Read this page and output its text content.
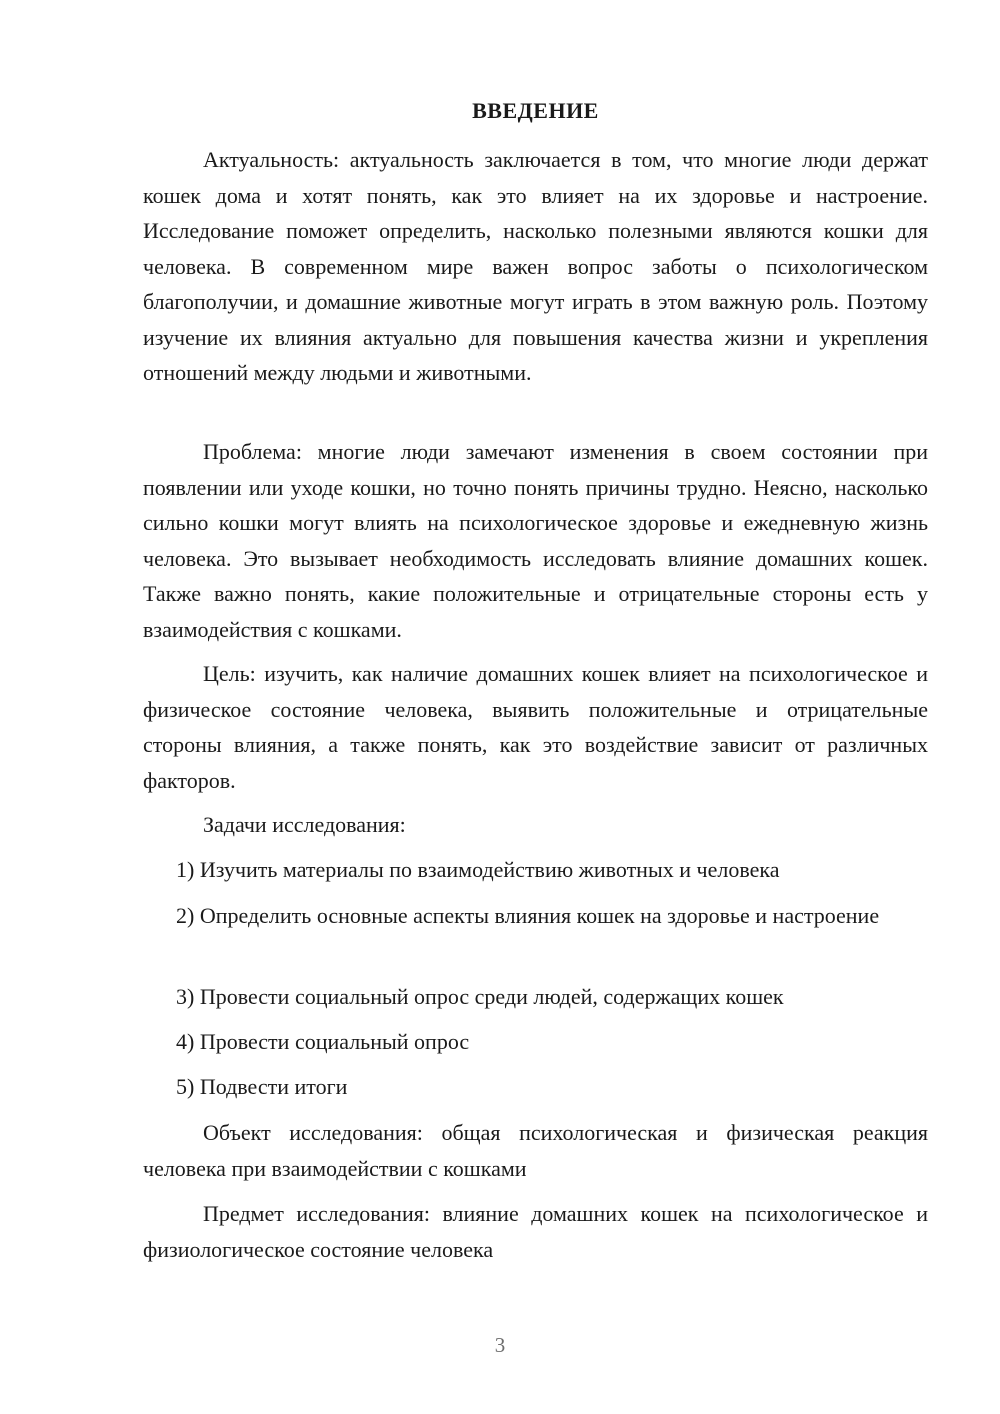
ВВЕДЕНИЕ

Актуальность: актуальность заключается в том, что многие люди держат кошек дома и хотят понять, как это влияет на их здоровье и настроение. Исследование поможет определить, насколько полезными являются кошки для человека. В современном мире важен вопрос заботы о психологическом благополучии, и домашние животные могут играть в этом важную роль. Поэтому изучение их влияния актуально для повышения качества жизни и укрепления отношений между людьми и животными.

Проблема: многие люди замечают изменения в своем состоянии при появлении или уходе кошки, но точно понять причины трудно. Неясно, насколько сильно кошки могут влиять на психологическое здоровье и ежедневную жизнь человека. Это вызывает необходимость исследовать влияние домашних кошек. Также важно понять, какие положительные и отрицательные стороны есть у взаимодействия с кошками.

Цель: изучить, как наличие домашних кошек влияет на психологическое и физическое состояние человека, выявить положительные и отрицательные стороны влияния, а также понять, как это воздействие зависит от различных факторов.

Задачи исследования:

1) Изучить материалы по взаимодействию животных и человека

2) Определить основные аспекты влияния кошек на здоровье и настроение

3) Провести социальный опрос среди людей, содержащих кошек

4) Провести социальный опрос

5) Подвести итоги

Объект исследования: общая психологическая и физическая реакция человека при взаимодействии с кошками

Предмет исследования: влияние домашних кошек на психологическое и физиологическое состояние человека

3
